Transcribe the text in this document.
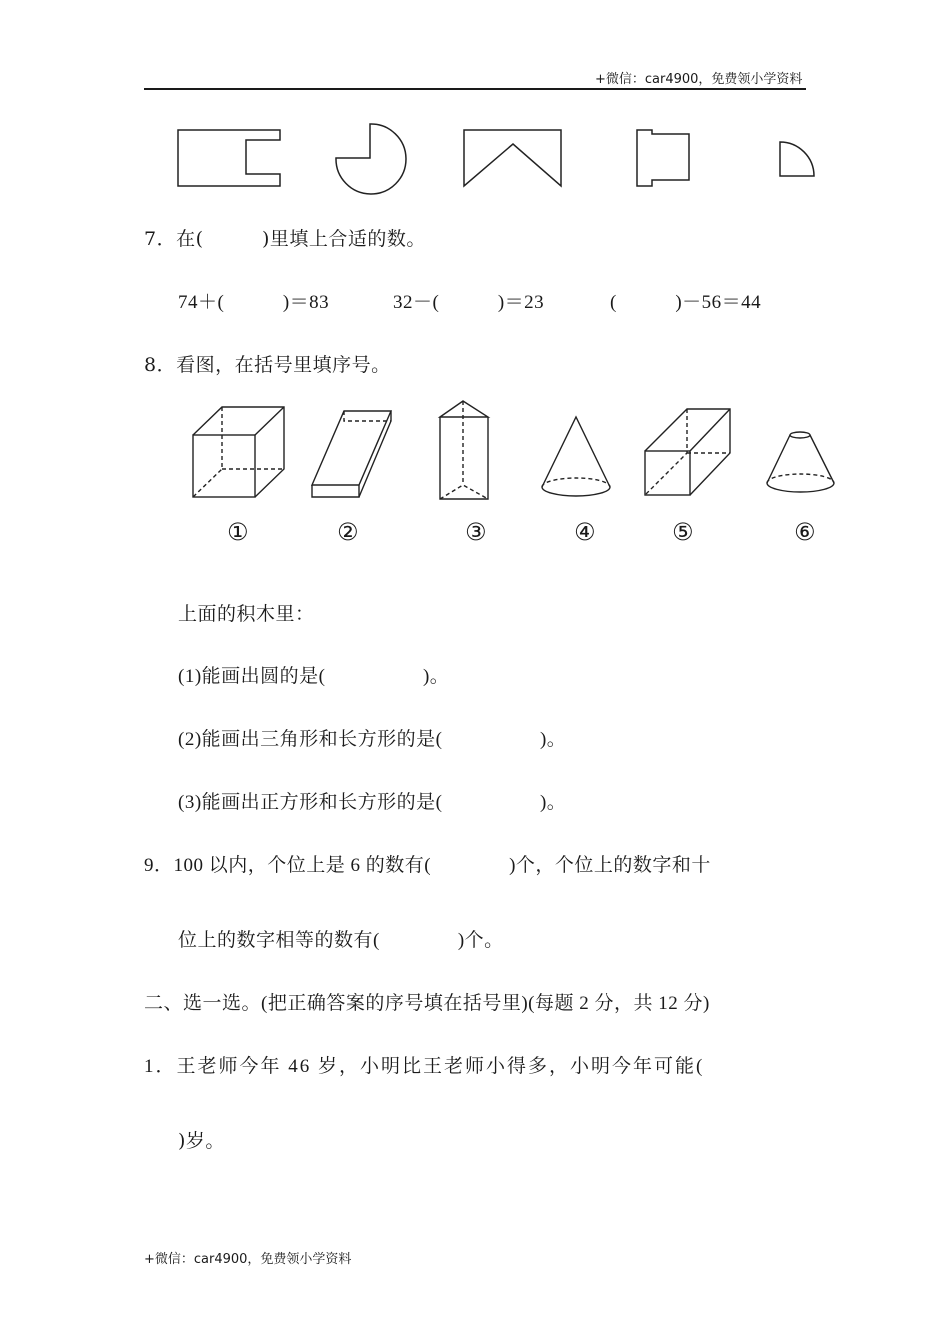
+微信：car4900，免费领小学资料
7．在(　　　)里填上合适的数。
74＋(　　　)＝83	32－(　　　)＝23	(　　　)－56＝44
8．看图，在括号里填序号。
①	②	③	④	⑤	⑥
上面的积木里：
(1)能画出圆的是(　　　　　)。
(2)能画出三角形和长方形的是(　　　　　)。
(3)能画出正方形和长方形的是(　　　　　)。
9．100 以内，个位上是 6 的数有(　　　　)个，个位上的数字和十
位上的数字相等的数有(　　　　)个。
二、选一选。(把正确答案的序号填在括号里)(每题 2 分，共 12 分)
1．王老师今年 46 岁，小明比王老师小得多，小明今年可能(
)岁。
+微信：car4900，免费领小学资料
